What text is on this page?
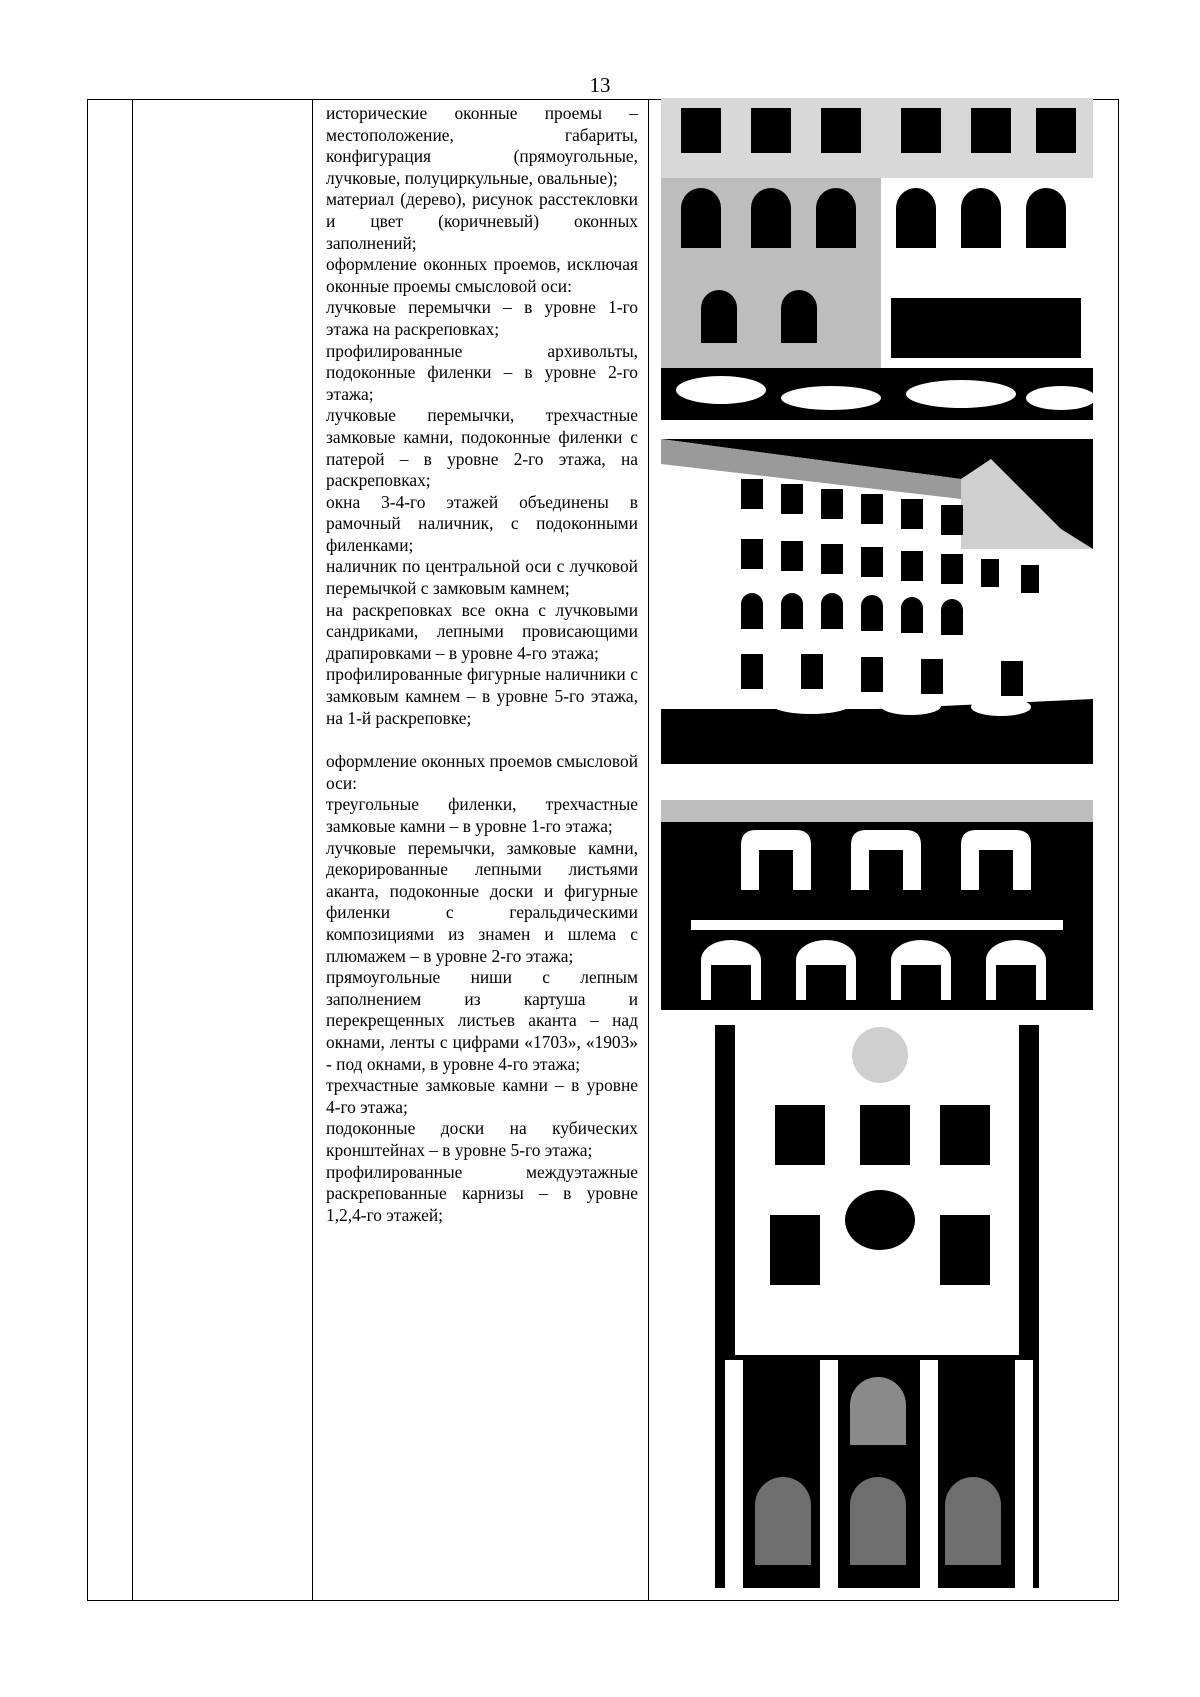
13

исторические оконные проемы – местоположение, габариты, конфигурация (прямоугольные, лучковые, полуциркульные, овальные);

материал (дерево), рисунок расстекловки и цвет (коричневый) оконных заполнений;

оформление оконных проемов, исключая оконные проемы смысловой оси:

лучковые перемычки – в уровне 1-го этажа на раскреповках;

профилированные архивольты, подоконные филенки – в уровне 2-го этажа;

лучковые перемычки, трехчастные замковые камни, подоконные филенки с патерой – в уровне 2-го этажа, на раскреповках;

окна 3-4-го этажей объединены в рамочный наличник, с подоконными филенками;

наличник по центральной оси с лучковой перемычкой с замковым камнем;

на раскреповках все окна с лучковыми сандриками, лепными провисающими драпировками – в уровне 4-го этажа;

профилированные фигурные наличники с замковым камнем – в уровне 5-го этажа, на 1-й раскреповке;

оформление оконных проемов смысловой оси:

треугольные филенки, трехчастные замковые камни – в уровне 1-го этажа;

лучковые перемычки, замковые камни, декорированные лепными листьями аканта, подоконные доски и фигурные филенки с геральдическими композициями из знамен и шлема с плюмажем – в уровне 2-го этажа;

прямоугольные ниши с лепным заполнением из картуша и перекрещенных листьев аканта – над окнами, ленты с цифрами «1703», «1903» - под окнами, в уровне 4-го этажа;

трехчастные замковые камни – в уровне 4-го этажа;

подоконные доски на кубических кронштейнах – в уровне 5-го этажа;

профилированные междуэтажные раскрепованные карнизы – в уровне 1,2,4-го этажей;
